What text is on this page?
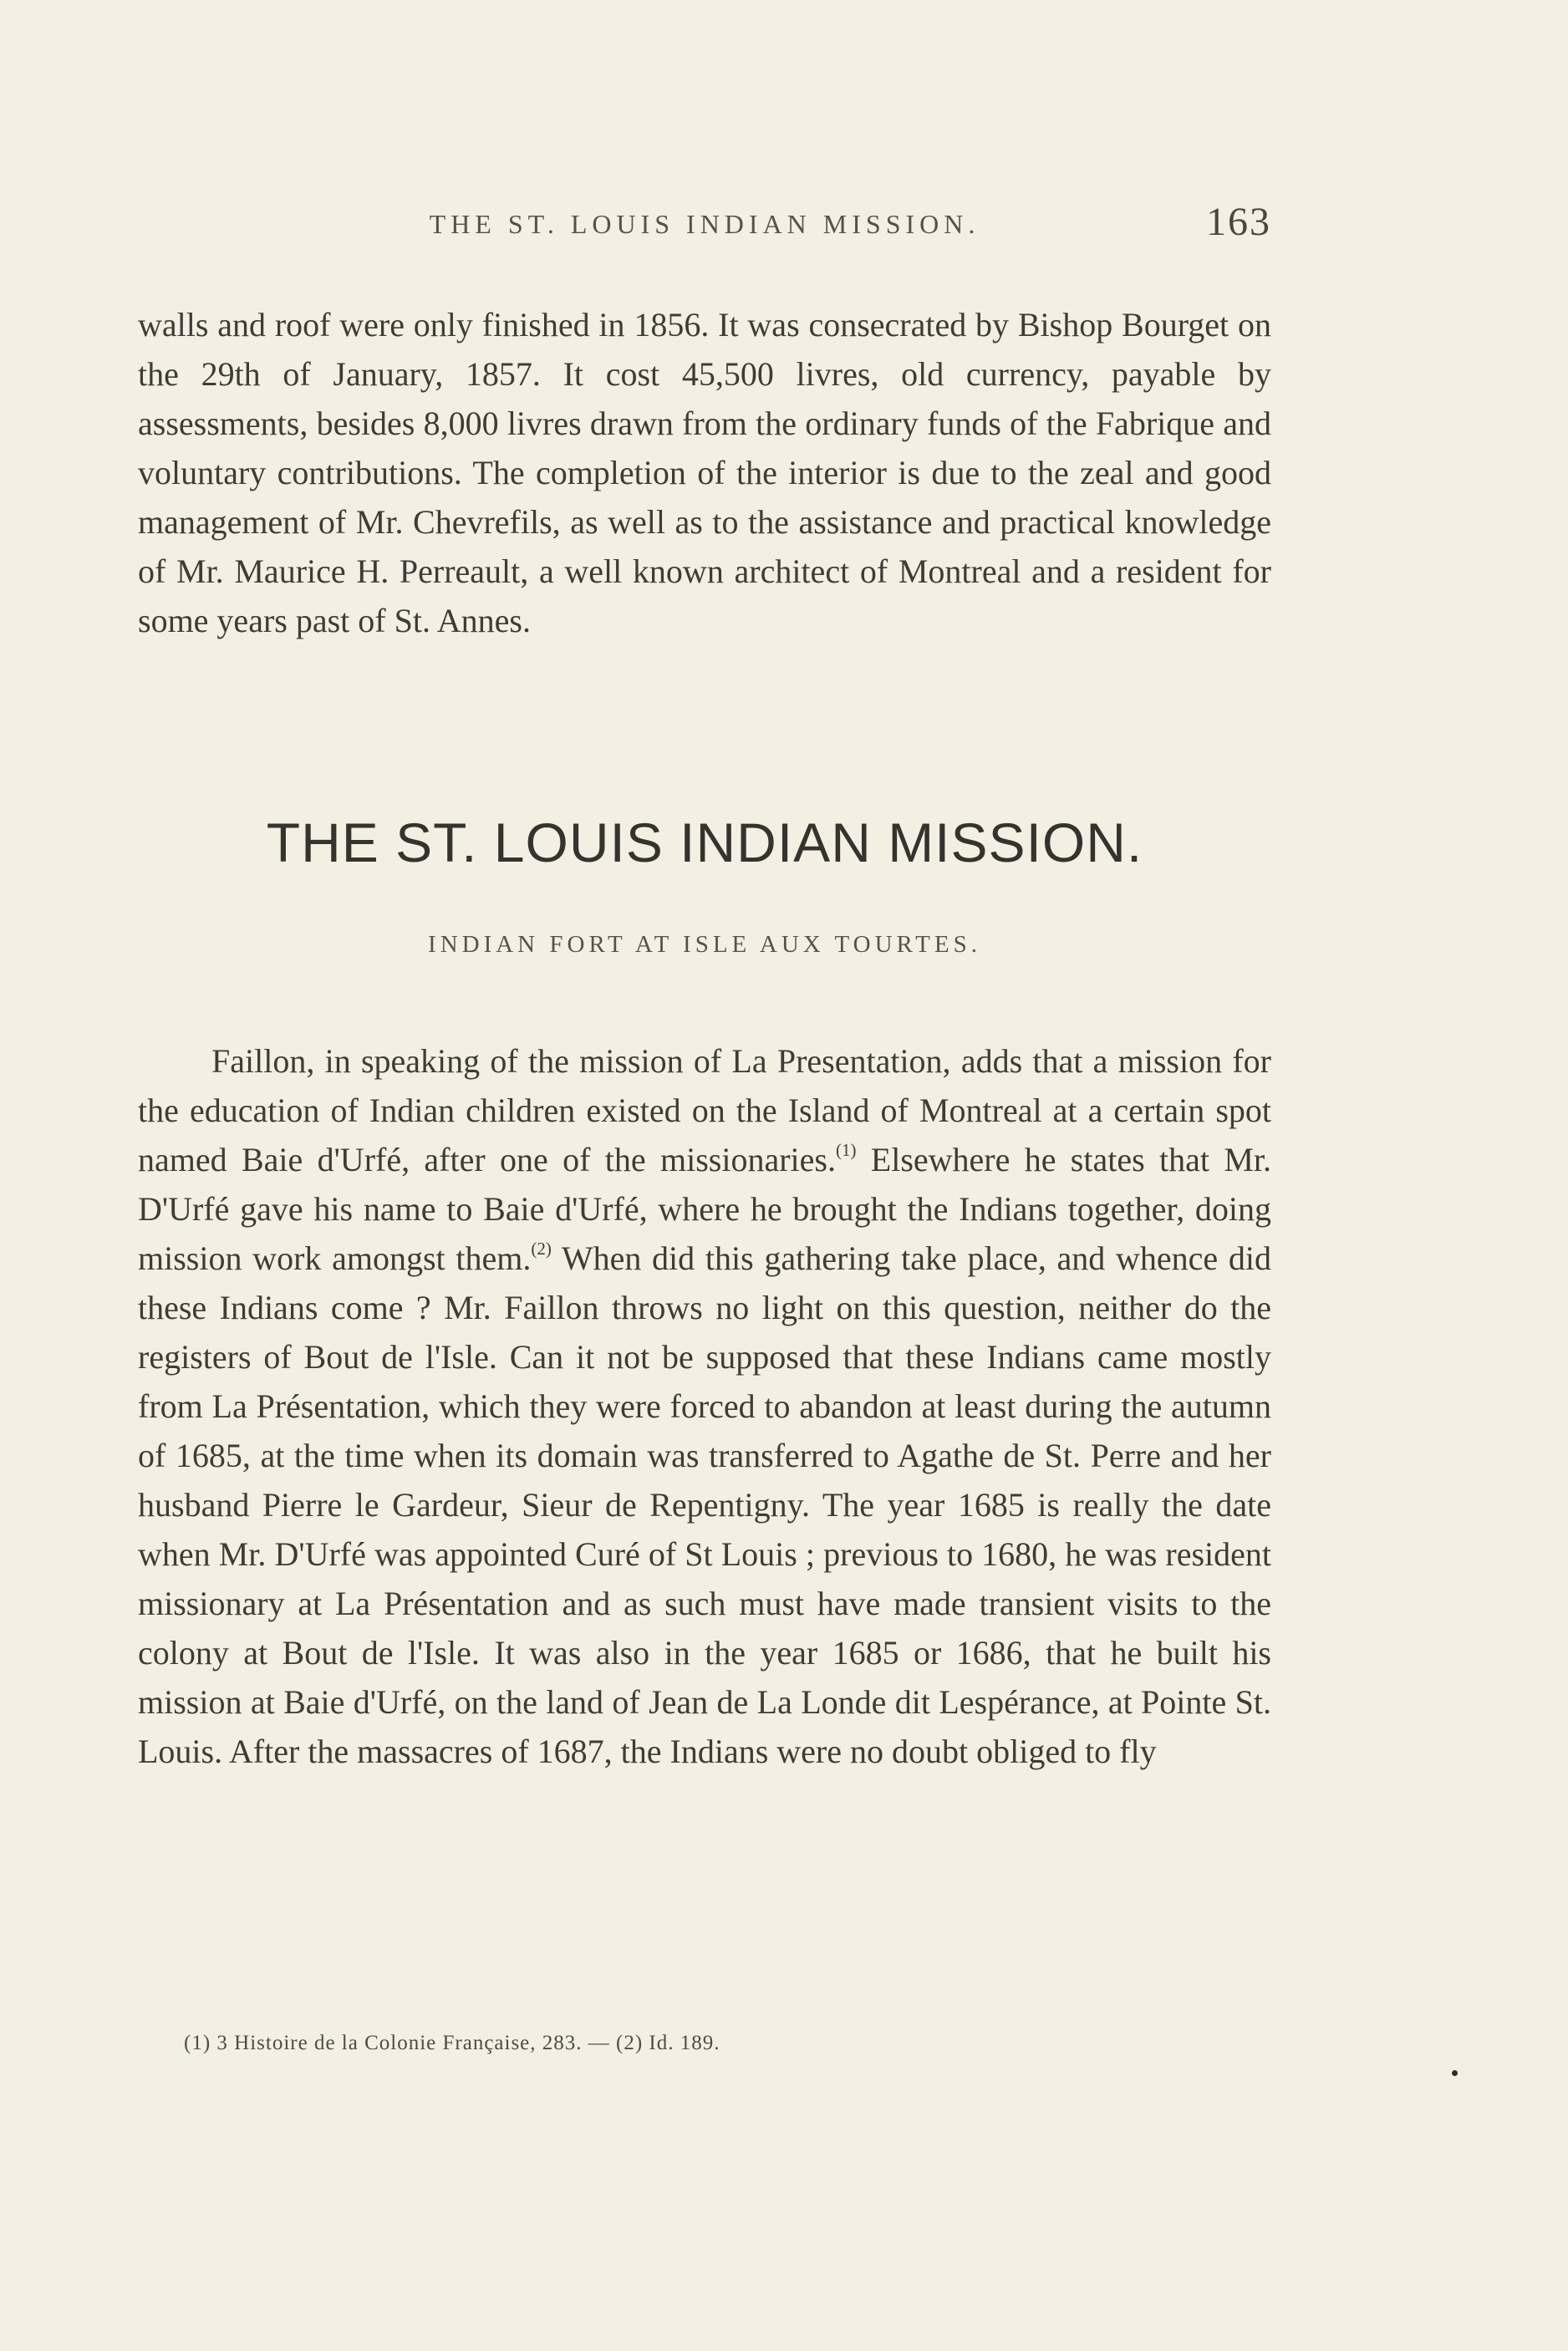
THE ST. LOUIS INDIAN MISSION.	163

walls and roof were only finished in 1856. It was consecrated by Bishop Bourget on the 29th of January, 1857. It cost 45,500 livres, old currency, payable by assessments, besides 8,000 livres drawn from the ordinary funds of the Fabrique and voluntary contributions. The completion of the interior is due to the zeal and good management of Mr. Chevrefils, as well as to the assistance and practical knowledge of Mr. Maurice H. Perreault, a well known architect of Montreal and a resident for some years past of St. Annes.

THE ST. LOUIS INDIAN MISSION.
INDIAN FORT AT ISLE AUX TOURTES.

Faillon, in speaking of the mission of La Presentation, adds that a mission for the education of Indian children existed on the Island of Montreal at a certain spot named Baie d'Urfé, after one of the missionaries.$^{(1)}$ Elsewhere he states that Mr. D'Urfé gave his name to Baie d'Urfé, where he brought the Indians together, doing mission work amongst them.$^{(2)}$ When did this gathering take place, and whence did these Indians come ? Mr. Faillon throws no light on this question, neither do the registers of Bout de l'Isle. Can it not be supposed that these Indians came mostly from La Présentation, which they were forced to abandon at least during the autumn of 1685, at the time when its domain was transferred to Agathe de St. Perre and her husband Pierre le Gardeur, Sieur de Repentigny. The year 1685 is really the date when Mr. D'Urfé was appointed Curé of St Louis ; previous to 1680, he was resident missionary at La Présentation and as such must have made transient visits to the colony at Bout de l'Isle. It was also in the year 1685 or 1686, that he built his mission at Baie d'Urfé, on the land of Jean de La Londe dit Lespérance, at Pointe St. Louis. After the massacres of 1687, the Indians were no doubt obliged to fly

(1) 3 Histoire de la Colonie Française, 283. — (2) Id. 189.
